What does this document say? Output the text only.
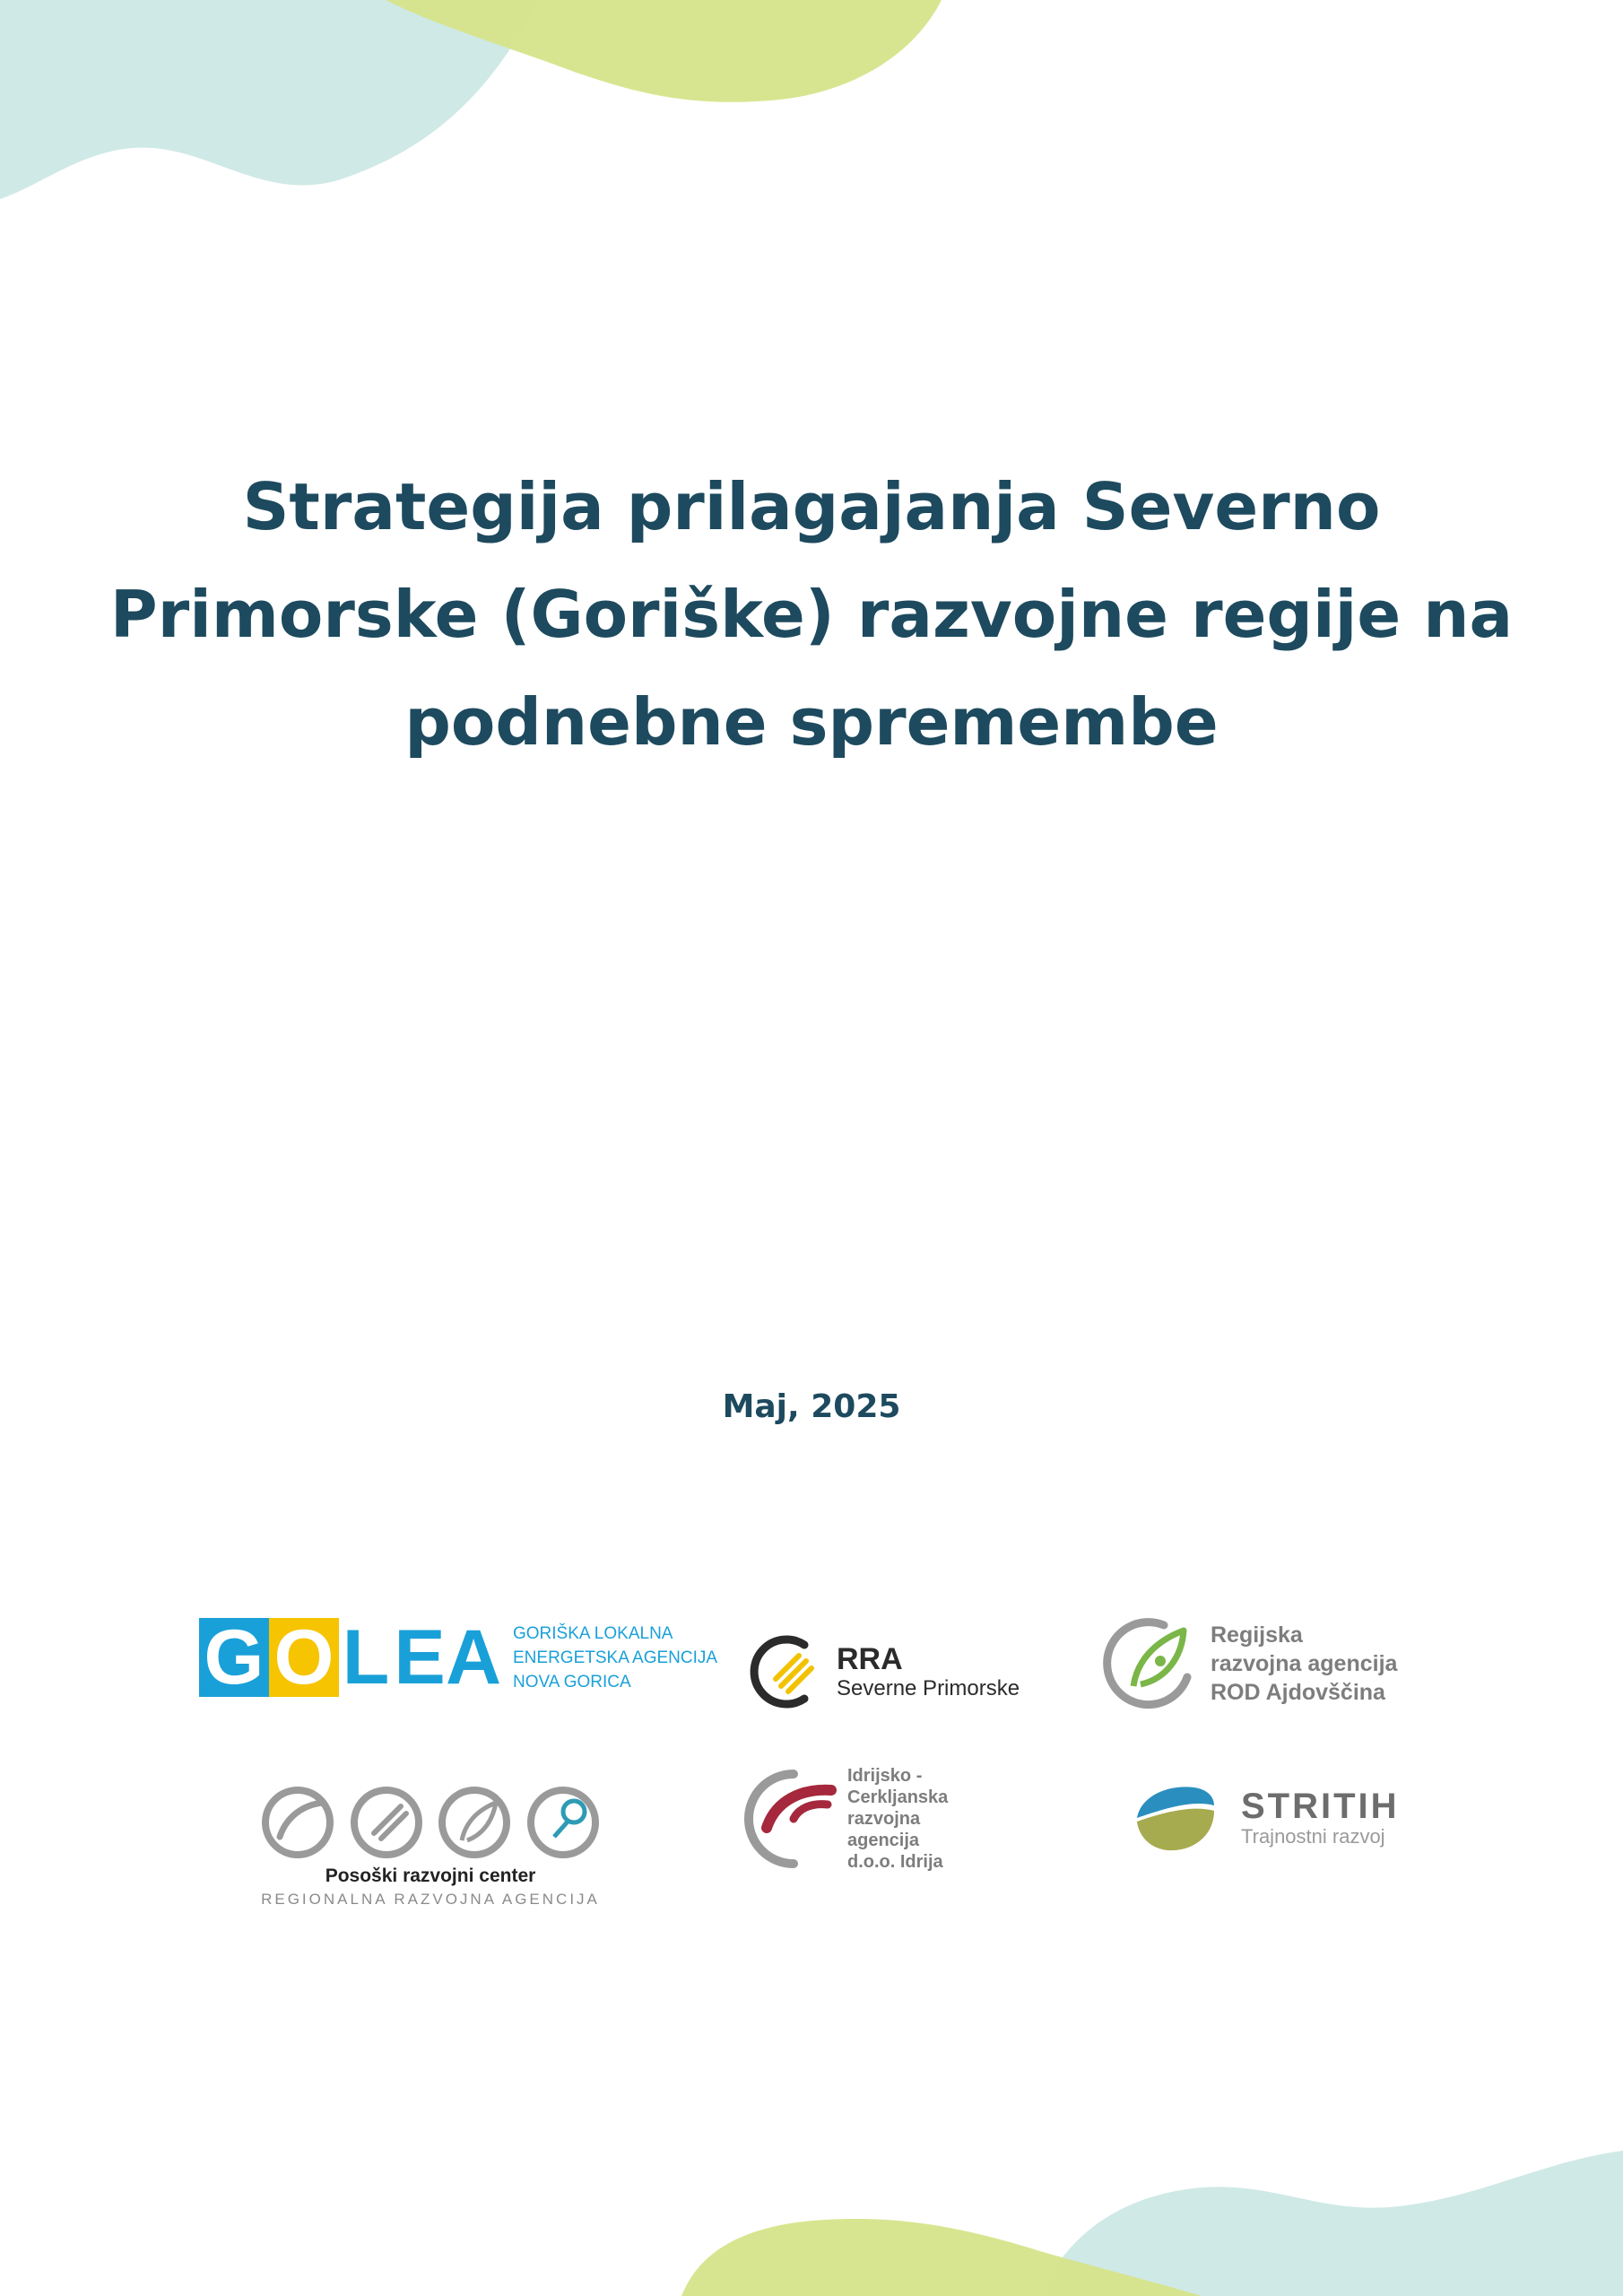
Strategija prilagajanja Severno
Primorske (Goriške) razvojne regije na
podnebne spremembe
Maj, 2025
G O L E A GORIŠKA LOKALNA
ENERGETSKA AGENCIJA
NOVA GORICA
RRA
Severne Primorske
Regijska
razvojna agencija
ROD Ajdovščina
Posoški razvojni center
REGIONALNA RAZVOJNA AGENCIJA
Idrijsko -
Cerkljanska
razvojna
agencija
d.o.o. Idrija
STRITIH
Trajnostni razvoj
